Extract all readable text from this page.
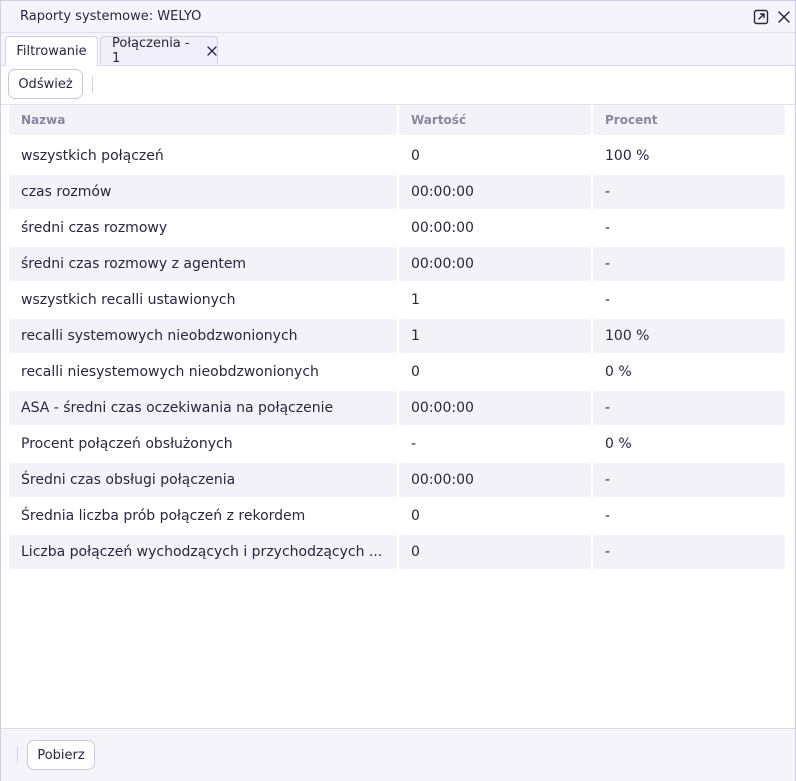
Raporty systemowe: WELYO
Filtrowanie
Połączenia - 1
Odśwież
Nazwa	Wartość	Procent
wszystkich połączeń	0	100 %
czas rozmów	00:00:00	-
średni czas rozmowy	00:00:00	-
średni czas rozmowy z agentem	00:00:00	-
wszystkich recalli ustawionych	1	-
recalli systemowych nieobdzwonionych	1	100 %
recalli niesystemowych nieobdzwonionych	0	0 %
ASA - średni czas oczekiwania na połączenie	00:00:00	-
Procent połączeń obsłużonych	-	0 %
Średni czas obsługi połączenia	00:00:00	-
Średnia liczba prób połączeń z rekordem	0	-
Liczba połączeń wychodzących i przychodzących ...	0	-
Pobierz
